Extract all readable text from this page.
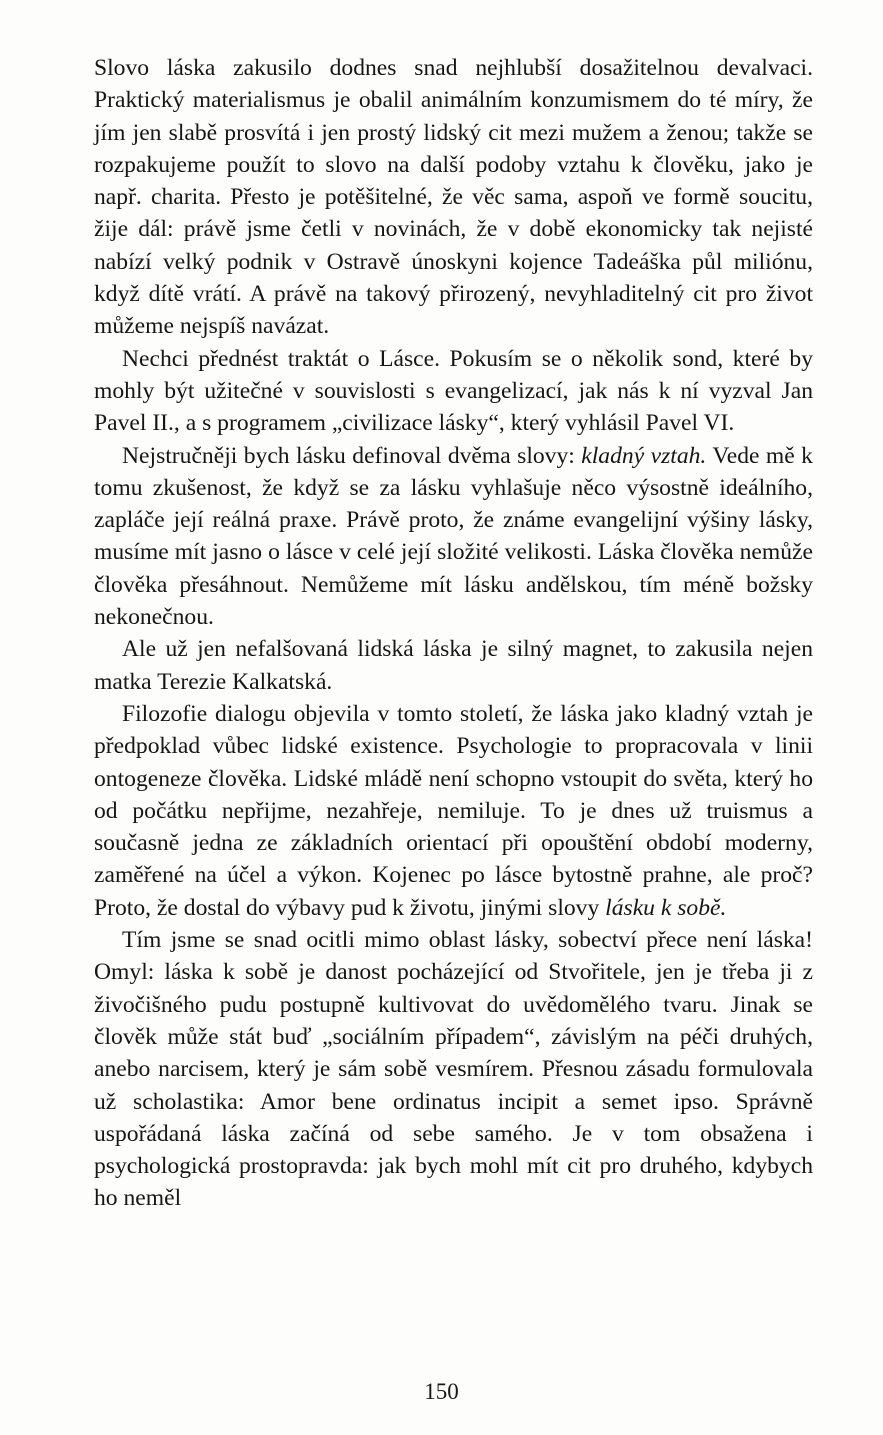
Slovo láska zakusilo dodnes snad nejhlubší dosažitelnou devalvaci. Praktický materialismus je obalil animálním konzumismem do té míry, že jím jen slabě prosvítá i jen prostý lidský cit mezi mužem a ženou; takže se rozpakujeme použít to slovo na další podoby vztahu k člověku, jako je např. charita. Přesto je potěšitelné, že věc sama, aspoň ve formě soucitu, žije dál: právě jsme četli v novinách, že v době ekonomicky tak nejisté nabízí velký podnik v Ostravě únoskyni kojence Tadeáška půl miliónu, když dítě vrátí. A právě na takový přirozený, nevyhladitelný cit pro život můžeme nejspíš navázat.

Nechci přednést traktát o Lásce. Pokusím se o několik sond, které by mohly být užitečné v souvislosti s evangelizací, jak nás k ní vyzval Jan Pavel II., a s programem „civilizace lásky“, který vyhlásil Pavel VI.

Nejstručněji bych lásku definoval dvěma slovy: kladný vztah. Vede mě k tomu zkušenost, že když se za lásku vyhlašuje něco výsostně ideálního, zapláče její reálná praxe. Právě proto, že známe evangelijní výšiny lásky, musíme mít jasno o lásce v celé její složité velikosti. Láska člověka nemůže člověka přesáhnout. Nemůžeme mít lásku andělskou, tím méně božsky nekonečnou.

Ale už jen nefalšovaná lidská láska je silný magnet, to zakusila nejen matka Terezie Kalkatská.

Filozofie dialogu objevila v tomto století, že láska jako kladný vztah je předpoklad vůbec lidské existence. Psychologie to propracovala v linii ontogeneze člověka. Lidské mládě není schopno vstoupit do světa, který ho od počátku nepřijme, nezahřeje, nemiluje. To je dnes už truismus a současně jedna ze základních orientací při opouštění období moderny, zaměřené na účel a výkon. Kojenec po lásce bytostně prahne, ale proč? Proto, že dostal do výbavy pud k životu, jinými slovy lásku k sobě.

Tím jsme se snad ocitli mimo oblast lásky, sobectví přece není láska! Omyl: láska k sobě je danost pocházející od Stvořitele, jen je třeba ji z živočišného pudu postupně kultivovat do uvědomělého tvaru. Jinak se člověk může stát buď „sociálním případem“, závislým na péči druhých, anebo narcisem, který je sám sobě vesmírem. Přesnou zásadu formulovala už scholastika: Amor bene ordinatus incipit a semet ipso. Správně uspořádaná láska začíná od sebe samého. Je v tom obsažena i psychologická prostopravda: jak bych mohl mít cit pro druhého, kdybych ho neměl

150
